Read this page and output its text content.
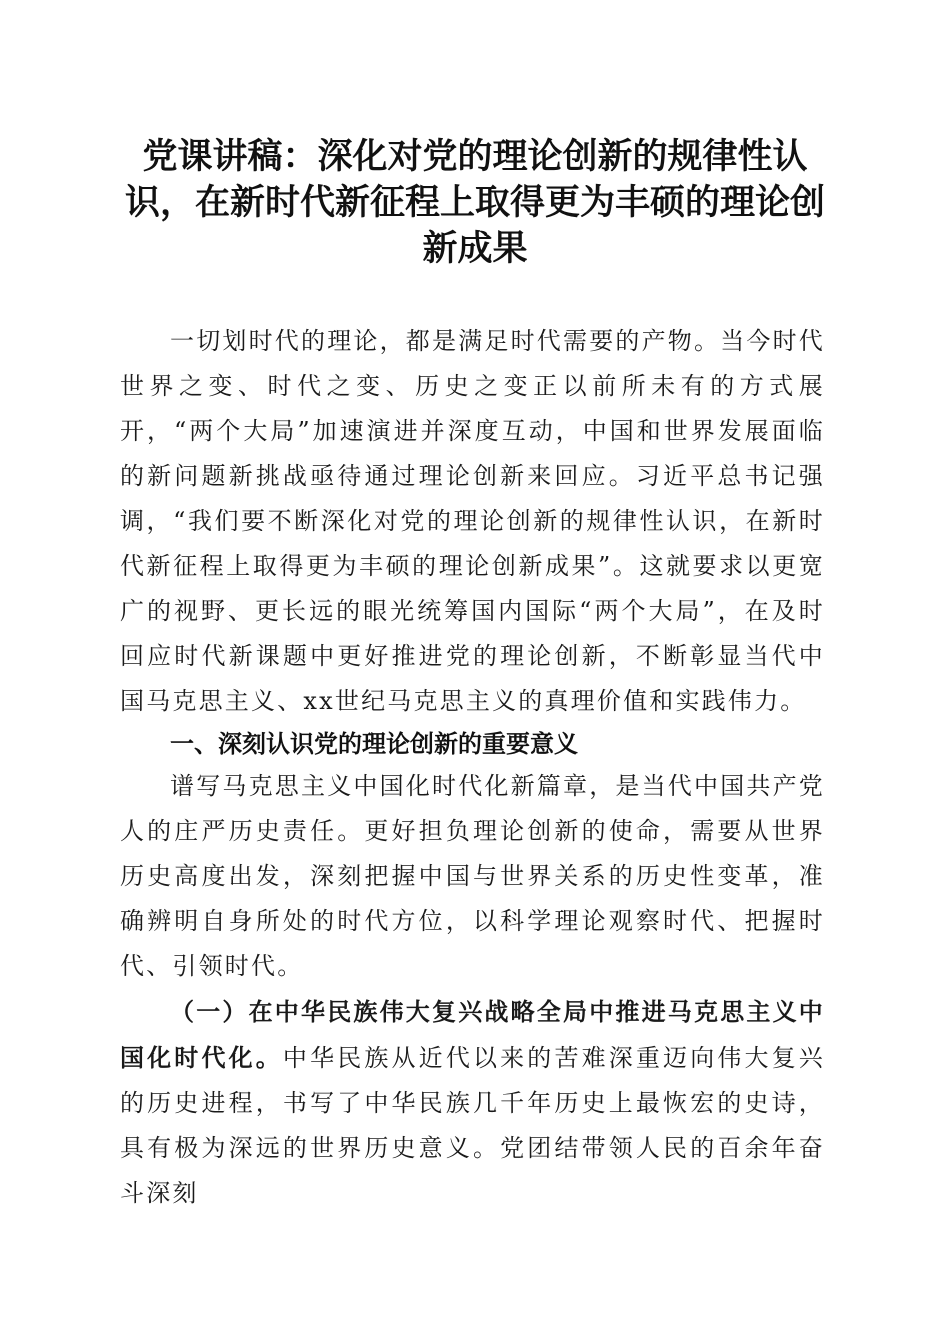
党课讲稿：深化对党的理论创新的规律性认识，在新时代新征程上取得更为丰硕的理论创新成果

一切划时代的理论，都是满足时代需要的产物。当今时代世界之变、时代之变、历史之变正以前所未有的方式展开，“两个大局”加速演进并深度互动，中国和世界发展面临的新问题新挑战亟待通过理论创新来回应。习近平总书记强调，“我们要不断深化对党的理论创新的规律性认识，在新时代新征程上取得更为丰硕的理论创新成果”。这就要求以更宽广的视野、更长远的眼光统筹国内国际“两个大局”，在及时回应时代新课题中更好推进党的理论创新，不断彰显当代中国马克思主义、xx世纪马克思主义的真理价值和实践伟力。

一、深刻认识党的理论创新的重要意义

谱写马克思主义中国化时代化新篇章，是当代中国共产党人的庄严历史责任。更好担负理论创新的使命，需要从世界历史高度出发，深刻把握中国与世界关系的历史性变革，准确辨明自身所处的时代方位，以科学理论观察时代、把握时代、引领时代。

（一）在中华民族伟大复兴战略全局中推进马克思主义中国化时代化。中华民族从近代以来的苦难深重迈向伟大复兴的历史进程，书写了中华民族几千年历史上最恢宏的史诗，具有极为深远的世界历史意义。党团结带领人民的百余年奋斗深刻
